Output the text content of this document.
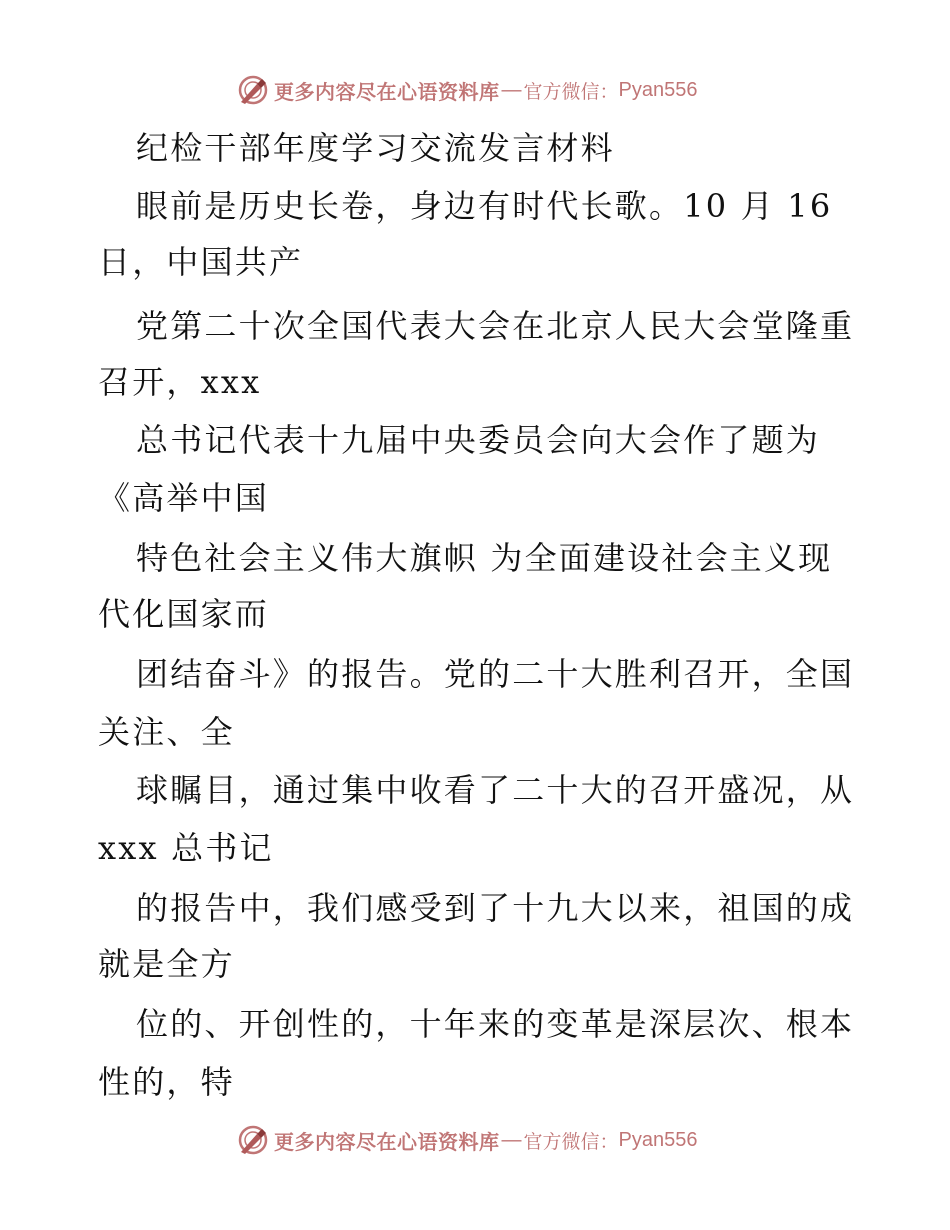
更多内容尽在心语资料库 — 官方微信： Pyan556
纪检干部年度学习交流发言材料
眼前是历史长卷，身边有时代长歌。10 月 16
日，中国共产
党第二十次全国代表大会在北京人民大会堂隆重
召开，xxx
总书记代表十九届中央委员会向大会作了题为
《高举中国
特色社会主义伟大旗帜 为全面建设社会主义现
代化国家而
团结奋斗》的报告。党的二十大胜利召开，全国
关注、全
球瞩目，通过集中收看了二十大的召开盛况，从
xxx 总书记
的报告中，我们感受到了十九大以来，祖国的成
就是全方
位的、开创性的，十年来的变革是深层次、根本
性的，特
更多内容尽在心语资料库 — 官方微信： Pyan556
